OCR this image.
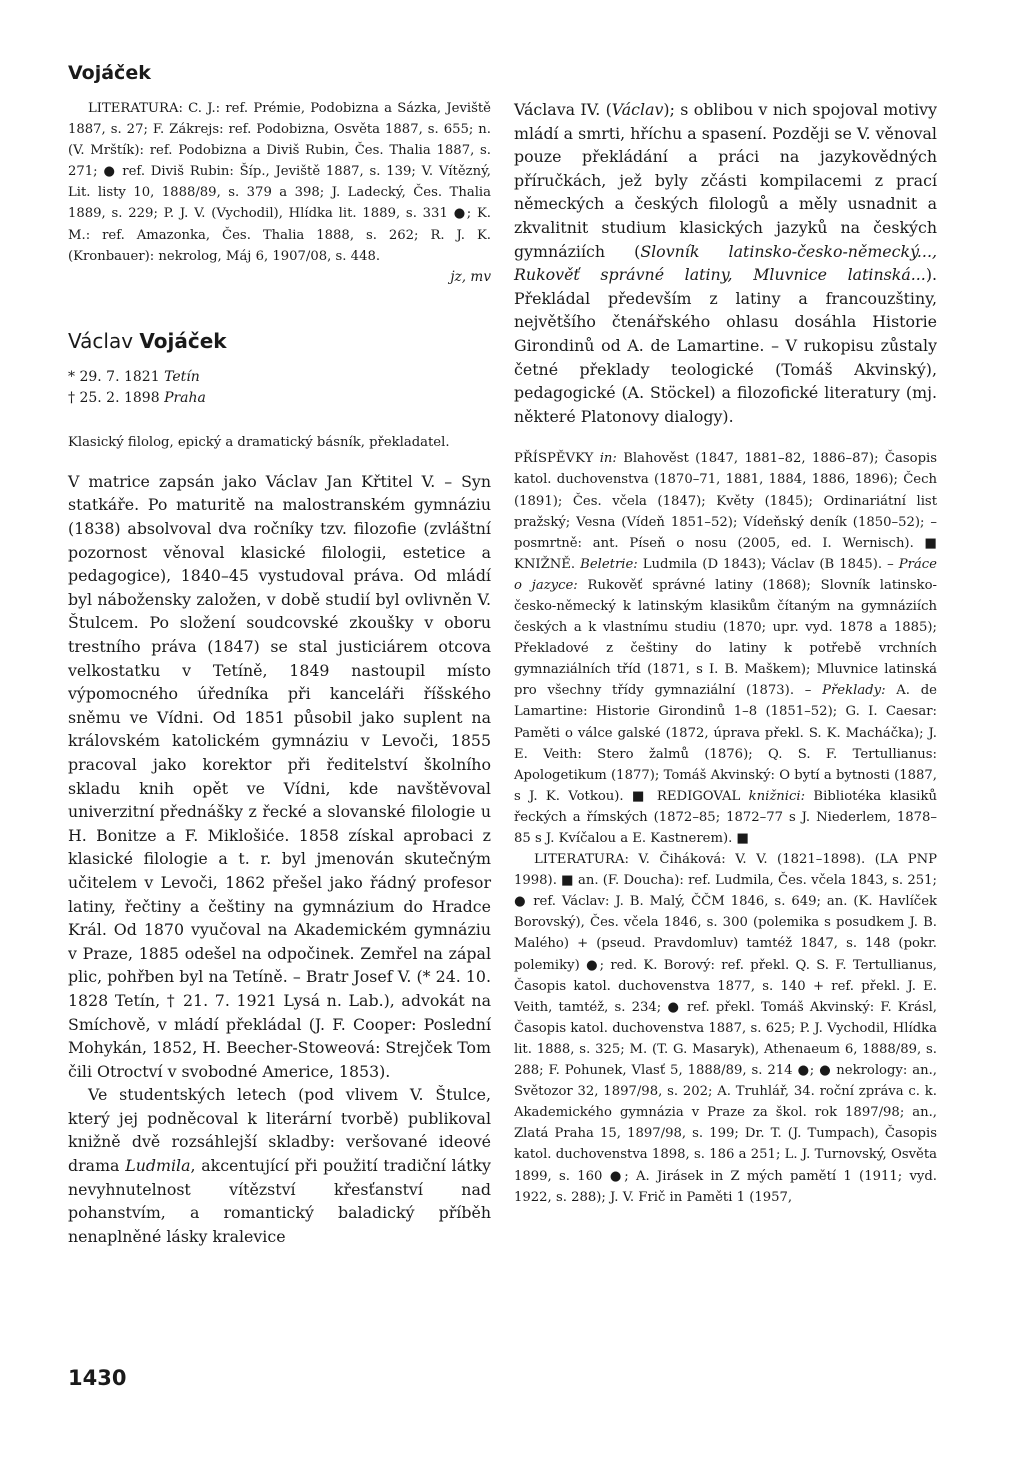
Vojáček

LITERATURA: C. J.: ref. Prémie, Podobizna a Sázka, Jeviště 1887, s. 27; F. Zákrejs: ref. Podobizna, Osvěta 1887, s. 655; n. (V. Mrštík): ref. Podobizna a Diviš Rubin, Čes. Thalia 1887, s. 271; ● ref. Diviš Rubin: Šíp., Jeviště 1887, s. 139; V. Vítězný, Lit. listy 10, 1888/89, s. 379 a 398; J. Ladecký, Čes. Thalia 1889, s. 229; P. J. V. (Vychodil), Hlídka lit. 1889, s. 331 ●; K. M.: ref. Amazonka, Čes. Thalia 1888, s. 262; R. J. K. (Kronbauer): nekrolog, Máj 6, 1907/08, s. 448.

jz, mv

Václav Vojáček

* 29. 7. 1821 Tetín

† 25. 2. 1898 Praha

Klasický filolog, epický a dramatický básník, překladatel.

V matrice zapsán jako Václav Jan Křtitel V. – Syn statkáře. Po maturitě na malostranském gymnáziu (1838) absolvoval dva ročníky tzv. filozofie (zvláštní pozornost věnoval klasické filologii, estetice a pedagogice), 1840–45 vystudoval práva. Od mládí byl nábožensky založen, v době studií byl ovlivněn V. Štulcem. Po složení soudcovské zkoušky v oboru trestního práva (1847) se stal justiciárem otcova velkostatku v Tetíně, 1849 nastoupil místo výpomocného úředníka při kanceláři říšského sněmu ve Vídni. Od 1851 působil jako suplent na královském katolickém gymnáziu v Levoči, 1855 pracoval jako korektor při ředitelství školního skladu knih opět ve Vídni, kde navštěvoval univerzitní přednášky z řecké a slovanské filologie u H. Bonitze a F. Miklošiće. 1858 získal aprobaci z klasické filologie a t. r. byl jmenován skutečným učitelem v Levoči, 1862 přešel jako řádný profesor latiny, řečtiny a češtiny na gymnázium do Hradce Král. Od 1870 vyučoval na Akademickém gymnáziu v Praze, 1885 odešel na odpočinek. Zemřel na zápal plic, pohřben byl na Tetíně. – Bratr Josef V. (* 24. 10. 1828 Tetín, † 21. 7. 1921 Lysá n. Lab.), advokát na Smíchově, v mládí překládal (J. F. Cooper: Poslední Mohykán, 1852, H. Beecher-Stoweová: Strejček Tom čili Otroctví v svobodné Americe, 1853).

Ve studentských letech (pod vlivem V. Štulce, který jej podněcoval k literární tvorbě) publikoval knižně dvě rozsáhlejší skladby: veršované ideové drama Ludmila, akcentující při použití tradiční látky nevyhnutelnost vítězství křesťanství nad pohanstvím, a romantický baladický příběh nenaplněné lásky kralevice

Václava IV. (Václav); s oblibou v nich spojoval motivy mládí a smrti, hříchu a spasení. Později se V. věnoval pouze překládání a práci na jazykovědných příručkách, jež byly zčásti kompilacemi z prací německých a českých filologů a měly usnadnit a zkvalitnit studium klasických jazyků na českých gymnáziích (Slovník latinsko-česko-německý..., Rukověť správné latiny, Mluvnice latinská...). Překládal především z latiny a francouzštiny, největšího čtenářského ohlasu dosáhla Historie Girondinů od A. de Lamartine. – V rukopisu zůstaly četné překlady teologické (Tomáš Akvinský), pedagogické (A. Stöckel) a filozofické literatury (mj. některé Platonovy dialogy).

PŘÍSPĚVKY in: Blahověst (1847, 1881–82, 1886–87); Časopis katol. duchovenstva (1870–71, 1881, 1884, 1886, 1896); Čech (1891); Čes. včela (1847); Květy (1845); Ordinariátní list pražský; Vesna (Vídeň 1851–52); Vídeňský deník (1850–52); – posmrtně: ant. Píseň o nosu (2005, ed. I. Wernisch). ■ KNIŽNĚ. Beletrie: Ludmila (D 1843); Václav (B 1845). – Práce o jazyce: Rukověť správné latiny (1868); Slovník latinsko-česko-německý k latinským klasikům čítaným na gymnáziích českých a k vlastnímu studiu (1870; upr. vyd. 1878 a 1885); Překladové z češtiny do latiny k potřebě vrchních gymnaziálních tříd (1871, s I. B. Maškem); Mluvnice latinská pro všechny třídy gymnaziální (1873). – Překlady: A. de Lamartine: Historie Girondinů 1–8 (1851–52); G. I. Caesar: Paměti o válce galské (1872, úprava překl. S. K. Macháčka); J. E. Veith: Stero žalmů (1876); Q. S. F. Tertullianus: Apologetikum (1877); Tomáš Akvinský: O bytí a bytnosti (1887, s J. K. Votkou). ■ REDIGOVAL knižnici: Bibliotéka klasiků řeckých a římských (1872–85; 1872–77 s J. Niederlem, 1878–85 s J. Kvíčalou a E. Kastnerem). ■

LITERATURA: V. Čiháková: V. V. (1821–1898). (LA PNP 1998). ■ an. (F. Doucha): ref. Ludmila, Čes. včela 1843, s. 251; ● ref. Václav: J. B. Malý, ČČM 1846, s. 649; an. (K. Havlíček Borovský), Čes. včela 1846, s. 300 (polemika s posudkem J. B. Malého) + (pseud. Pravdomluv) tamtéž 1847, s. 148 (pokr. polemiky) ●; red. K. Borový: ref. překl. Q. S. F. Tertullianus, Časopis katol. duchovenstva 1877, s. 140 + ref. překl. J. E. Veith, tamtéž, s. 234; ● ref. překl. Tomáš Akvinský: F. Krásl, Časopis katol. duchovenstva 1887, s. 625; P. J. Vychodil, Hlídka lit. 1888, s. 325; M. (T. G. Masaryk), Athenaeum 6, 1888/89, s. 288; F. Pohunek, Vlasť 5, 1888/89, s. 214 ●; ● nekrology: an., Světozor 32, 1897/98, s. 202; A. Truhlář, 34. roční zpráva c. k. Akademického gymnázia v Praze za škol. rok 1897/98; an., Zlatá Praha 15, 1897/98, s. 199; Dr. T. (J. Tumpach), Časopis katol. duchovenstva 1898, s. 186 a 251; L. J. Turnovský, Osvěta 1899, s. 160 ●; A. Jirásek in Z mých pamětí 1 (1911; vyd. 1922, s. 288); J. V. Frič in Paměti 1 (1957,

1430
